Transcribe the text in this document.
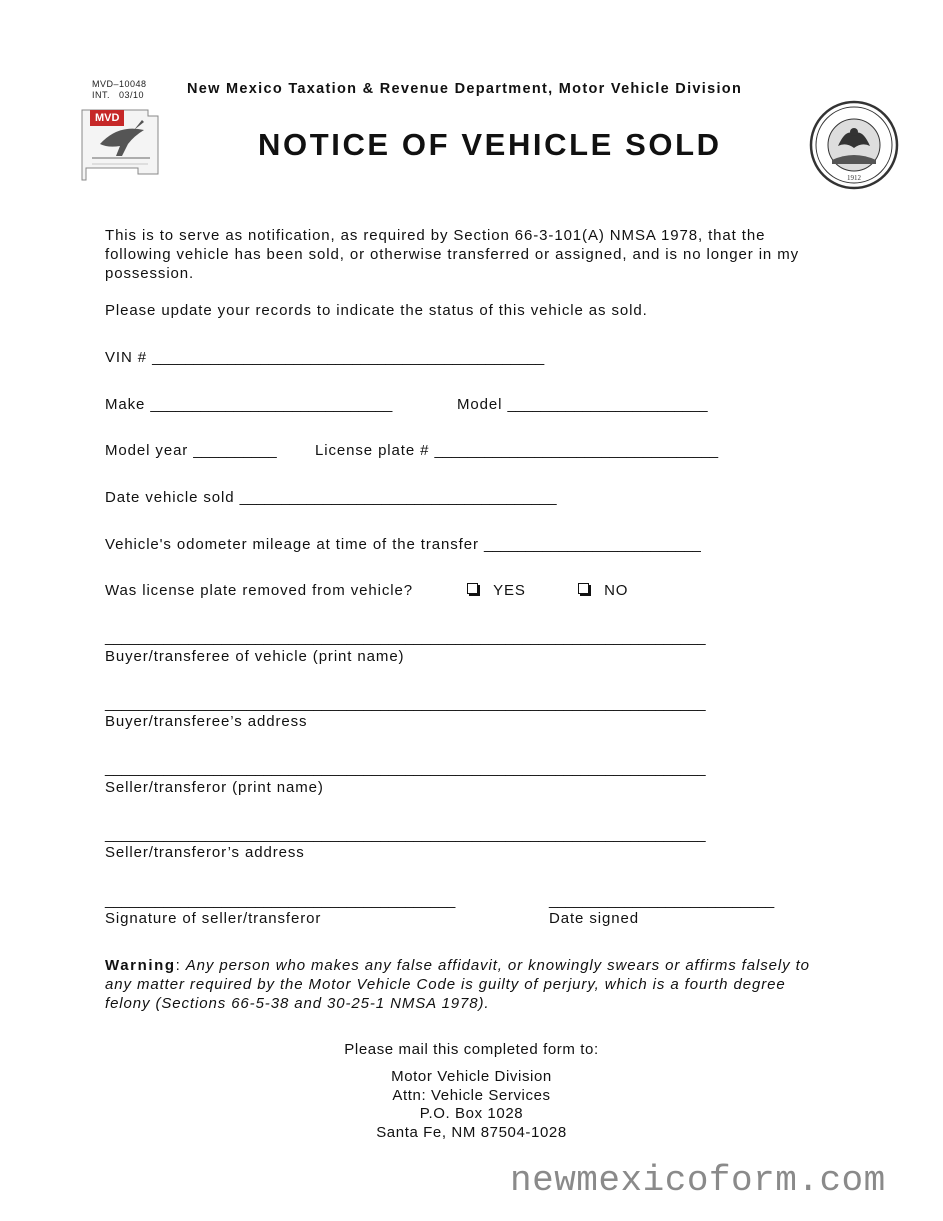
MVD–10048
INT.   03/10	New Mexico Taxation & Revenue Department, Motor Vehicle Division
MVD
NOTICE OF VEHICLE SOLD
1912
This is to serve as notification, as required by Section 66-3-101(A) NMSA 1978, that the
following vehicle has been sold, or otherwise transferred or assigned, and is no longer in my
possession.
Please update your records to indicate the status of this vehicle as sold.
VIN # _______________________________________________
Make _____________________________	Model ________________________
Model year __________	License plate # __________________________________
Date vehicle sold ______________________________________
Vehicle's odometer mileage at time of the transfer __________________________
Was license plate removed from vehicle?	YES	NO
________________________________________________________________________
Buyer/transferee of vehicle (print name)
________________________________________________________________________
Buyer/transferee’s address
________________________________________________________________________
Seller/transferor (print name)
________________________________________________________________________
Seller/transferor’s address
__________________________________________
Signature of seller/transferor
___________________________
Date signed
Warning: Any person who makes any false affidavit, or knowingly swears or affirms falsely to
any matter required by the Motor Vehicle Code is guilty of perjury, which is a fourth degree
felony (Sections 66-5-38 and 30-25-1 NMSA 1978).
Please mail this completed form to:
Motor Vehicle Division
Attn: Vehicle Services
P.O. Box 1028
Santa Fe, NM 87504-1028
newmexicoform.com
